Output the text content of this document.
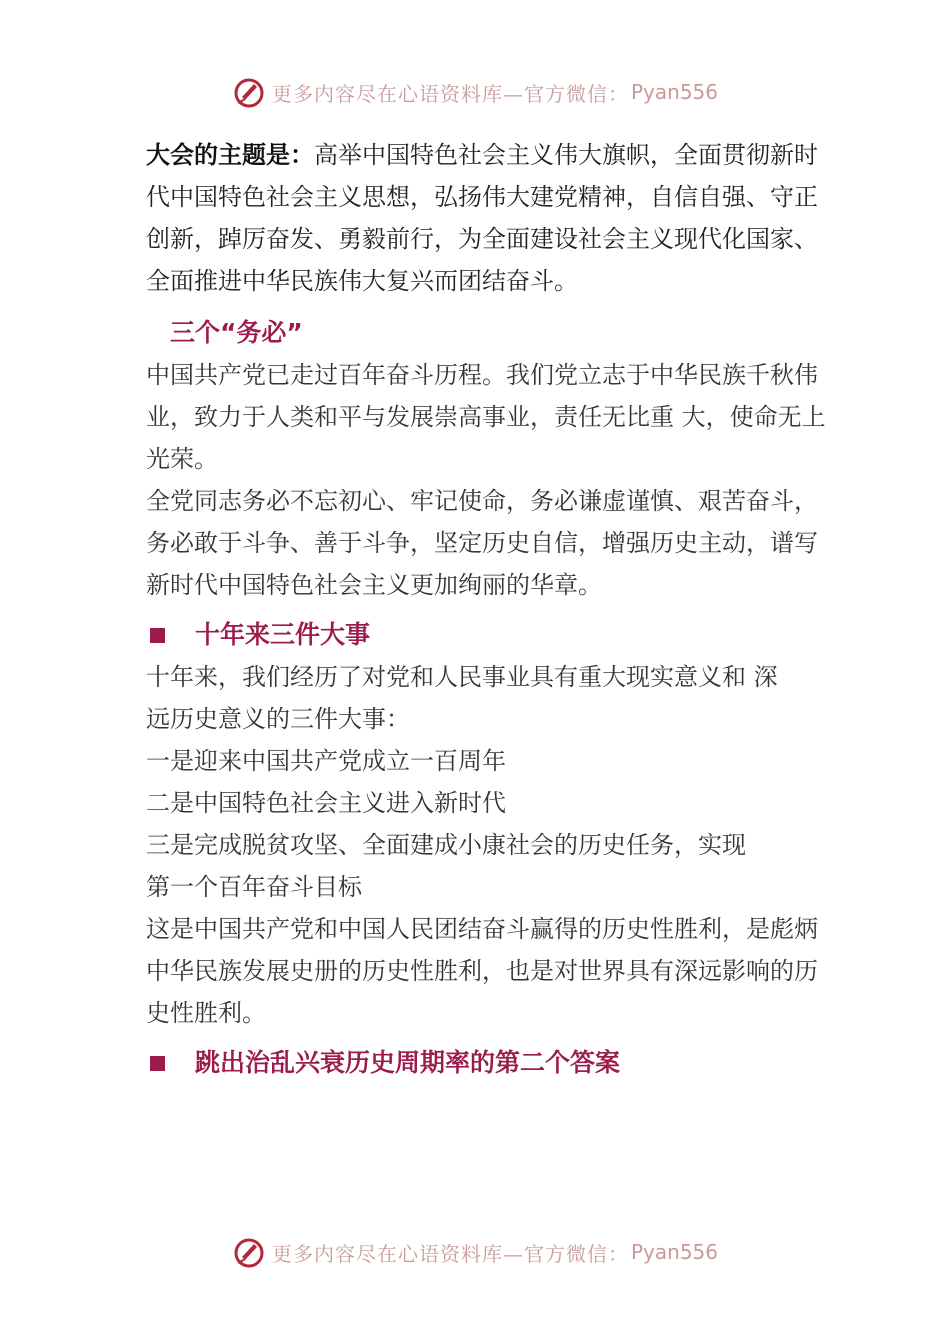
更多内容尽在心语资料库—官方微信： Pyan556

大会的主题是：高举中国特色社会主义伟大旗帜，全面贯彻新时代中国特色社会主义思想，弘扬伟大建党精神，自信自强、守正创新，踔厉奋发、勇毅前行，为全面建设社会主义现代化国家、全面推进中华民族伟大复兴而团结奋斗。

三个“务必”

中国共产党已走过百年奋斗历程。我们党立志于中华民族千秋伟业，致力于人类和平与发展崇高事业，责任无比重 大，使命无上光荣。

全党同志务必不忘初心、牢记使命，务必谦虚谨慎、艰苦奋斗，务必敢于斗争、善于斗争，坚定历史自信，增强历史主动，谱写新时代中国特色社会主义更加绚丽的华章。

十年来三件大事

十年来，我们经历了对党和人民事业具有重大现实意义和 深

远历史意义的三件大事：

一是迎来中国共产党成立一百周年

二是中国特色社会主义进入新时代

三是完成脱贫攻坚、全面建成小康社会的历史任务，实现

第一个百年奋斗目标

这是中国共产党和中国人民团结奋斗赢得的历史性胜利，是彪炳中华民族发展史册的历史性胜利，也是对世界具有深远影响的历史性胜利。

跳出治乱兴衰历史周期率的第二个答案
更多内容尽在心语资料库—官方微信： Pyan556
